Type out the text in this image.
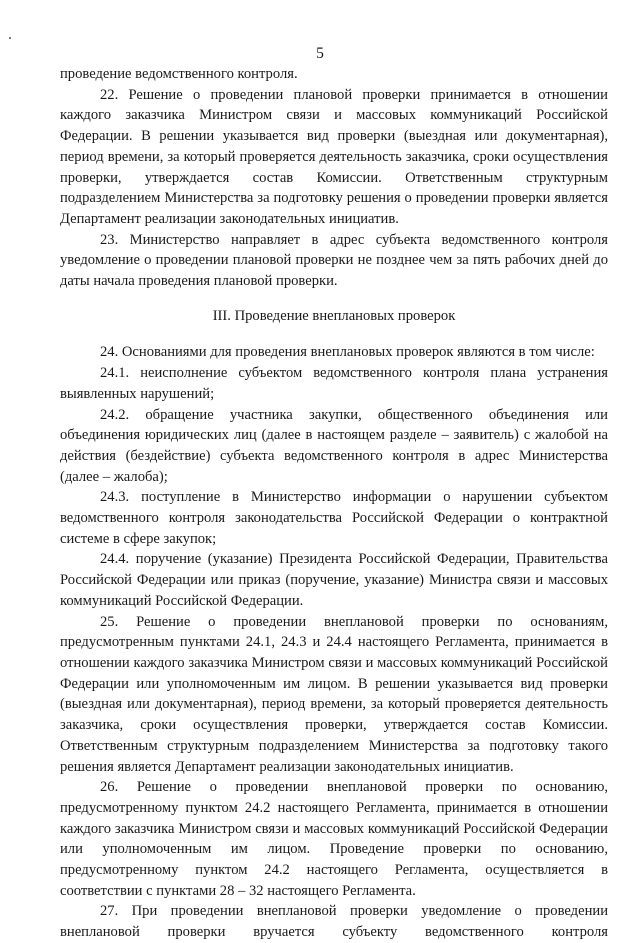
5

проведение ведомственного контроля.

22. Решение о проведении плановой проверки принимается в отношении каждого заказчика Министром связи и массовых коммуникаций Российской Федерации. В решении указывается вид проверки (выездная или документарная), период времени, за который проверяется деятельность заказчика, сроки осуществления проверки, утверждается состав Комиссии. Ответственным структурным подразделением Министерства за подготовку решения о проведении проверки является Департамент реализации законодательных инициатив.

23. Министерство направляет в адрес субъекта ведомственного контроля уведомление о проведении плановой проверки не позднее чем за пять рабочих дней до даты начала проведения плановой проверки.

III. Проведение внеплановых проверок

24. Основаниями для проведения внеплановых проверок являются в том числе:

24.1. неисполнение субъектом ведомственного контроля плана устранения выявленных нарушений;

24.2. обращение участника закупки, общественного объединения или объединения юридических лиц (далее в настоящем разделе – заявитель) с жалобой на действия (бездействие) субъекта ведомственного контроля в адрес Министерства (далее – жалоба);

24.3. поступление в Министерство информации о нарушении субъектом ведомственного контроля законодательства Российской Федерации о контрактной системе в сфере закупок;

24.4. поручение (указание) Президента Российской Федерации, Правительства Российской Федерации или приказ (поручение, указание) Министра связи и массовых коммуникаций Российской Федерации.

25. Решение о проведении внеплановой проверки по основаниям, предусмотренным пунктами 24.1, 24.3 и 24.4 настоящего Регламента, принимается в отношении каждого заказчика Министром связи и массовых коммуникаций Российской Федерации или уполномоченным им лицом. В решении указывается вид проверки (выездная или документарная), период времени, за который проверяется деятельность заказчика, сроки осуществления проверки, утверждается состав Комиссии. Ответственным структурным подразделением Министерства за подготовку такого решения является Департамент реализации законодательных инициатив.

26. Решение о проведении внеплановой проверки по основанию, предусмотренному пунктом 24.2 настоящего Регламента, принимается в отношении каждого заказчика Министром связи и массовых коммуникаций Российской Федерации или уполномоченным им лицом. Проведение проверки по основанию, предусмотренному пунктом 24.2 настоящего Регламента, осуществляется в соответствии с пунктами 28 – 32 настоящего Регламента.

27. При проведении внеплановой проверки уведомление о проведении внеплановой проверки вручается субъекту ведомственного контроля
